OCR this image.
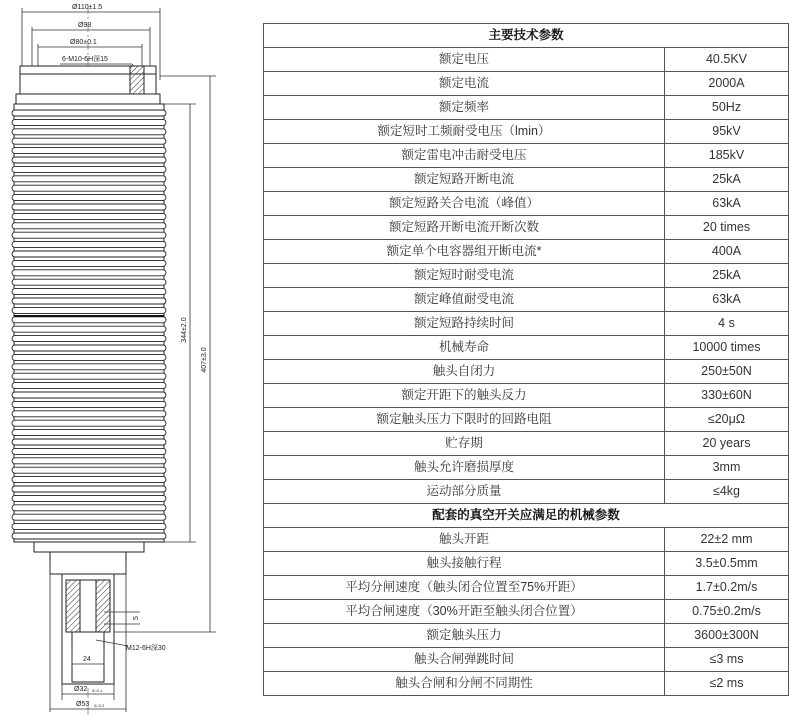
Ø110±1.5
Ø98
Ø80±0.1
6-M10-6H深15
344±2.0
407±3.0
5
M12-6H深30
24
Ø32 0/-0.1
Ø53 0/-0.2
主要技术参数	
额定电压	40.5KV
额定电流	2000A
额定频率	50Hz
额定短时工频耐受电压（lmin）	95kV
额定雷电冲击耐受电压	185kV
额定短路开断电流	25kA
额定短路关合电流（峰值）	63kA
额定短路开断电流开断次数	20 times
额定单个电容器组开断电流*	400A
额定短时耐受电流	25kA
额定峰值耐受电流	63kA
额定短路持续时间	4 s
机械寿命	10000 times
触头自闭力	250±50N
额定开距下的触头反力	330±60N
额定触头压力下限时的回路电阻	≤20μΩ
贮存期	20 years
触头允许磨损厚度	3mm
运动部分质量	≤4kg
配套的真空开关应满足的机械参数	
触头开距	22±2 mm
触头接触行程	3.5±0.5mm
平均分闸速度（触头闭合位置至75%开距）	1.7±0.2m/s
平均合闸速度（30%开距至触头闭合位置）	0.75±0.2m/s
额定触头压力	3600±300N
触头合闸弹跳时间	≤3 ms
触头合闸和分闸不同期性	≤2 ms
